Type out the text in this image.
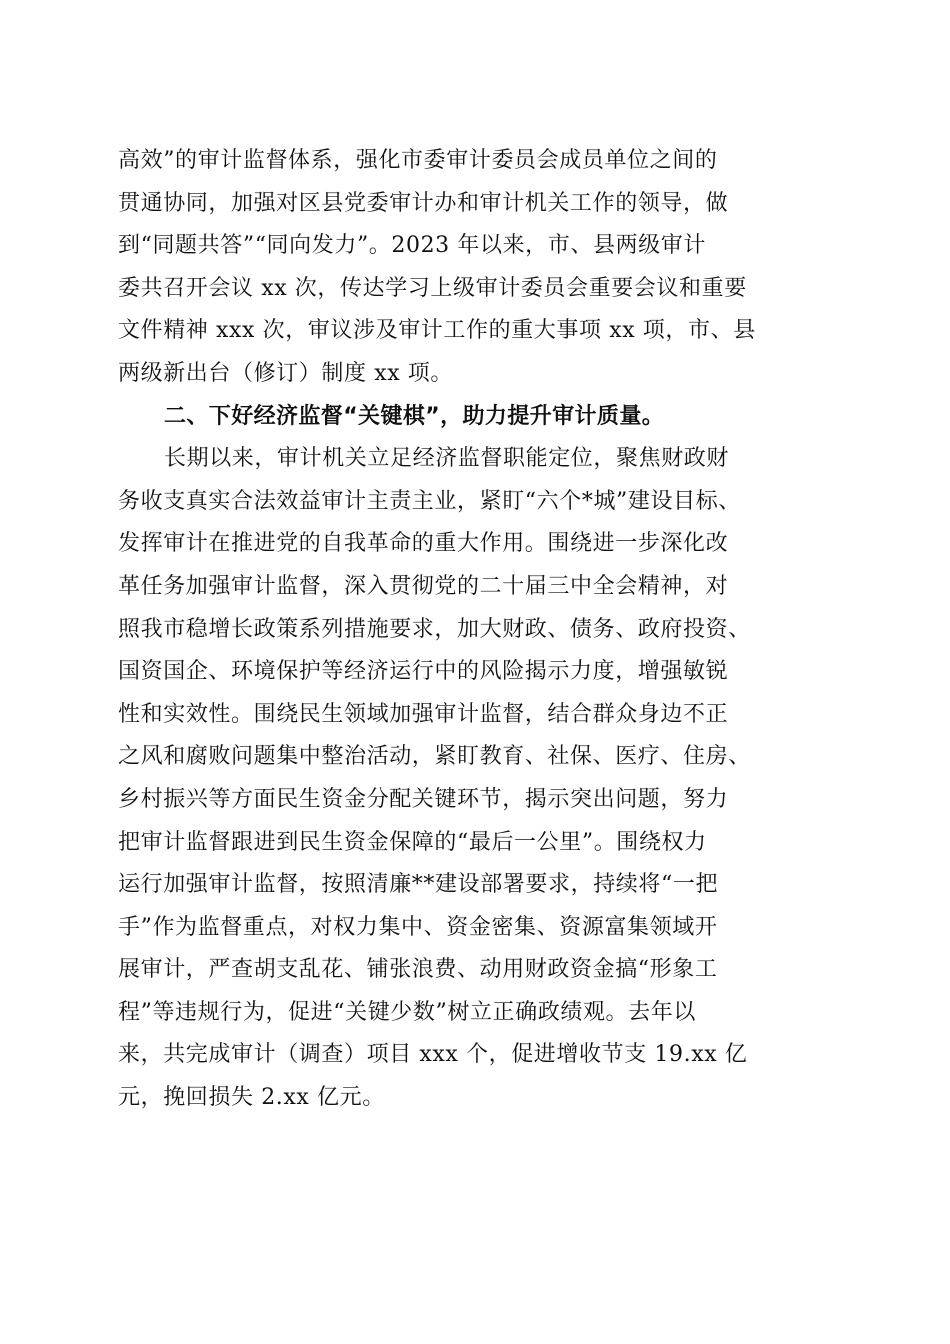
高效”的审计监督体系，强化市委审计委员会成员单位之间的
贯通协同，加强对区县党委审计办和审计机关工作的领导，做
到“同题共答”“同向发力”。2023 年以来，市、县两级审计
委共召开会议 xx 次，传达学习上级审计委员会重要会议和重要
文件精神 xxx 次，审议涉及审计工作的重大事项 xx 项，市、县
两级新出台（修订）制度 xx 项。
二、下好经济监督“关键棋”，助力提升审计质量。
长期以来，审计机关立足经济监督职能定位，聚焦财政财
务收支真实合法效益审计主责主业，紧盯“六个*城”建设目标、
发挥审计在推进党的自我革命的重大作用。围绕进一步深化改
革任务加强审计监督，深入贯彻党的二十届三中全会精神，对
照我市稳增长政策系列措施要求，加大财政、债务、政府投资、
国资国企、环境保护等经济运行中的风险揭示力度，增强敏锐
性和实效性。围绕民生领域加强审计监督，结合群众身边不正
之风和腐败问题集中整治活动，紧盯教育、社保、医疗、住房、
乡村振兴等方面民生资金分配关键环节，揭示突出问题，努力
把审计监督跟进到民生资金保障的“最后一公里”。围绕权力
运行加强审计监督，按照清廉**建设部署要求，持续将“一把
手”作为监督重点，对权力集中、资金密集、资源富集领域开
展审计，严查胡支乱花、铺张浪费、动用财政资金搞“形象工
程”等违规行为，促进“关键少数”树立正确政绩观。去年以
来，共完成审计（调查）项目 xxx 个，促进增收节支 19.xx 亿
元，挽回损失 2.xx 亿元。
